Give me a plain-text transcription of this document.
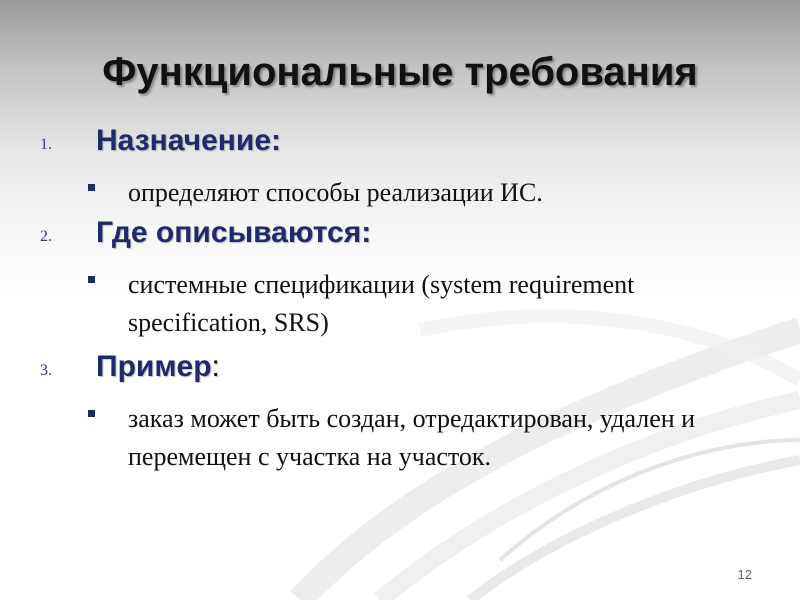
Функциональные требования
1. Назначение:
определяют способы реализации ИС.
2. Где описываются:
системные спецификации (system requirement specification, SRS)
3. Пример:
заказ может быть создан, отредактирован, удален и перемещен с участка на участок.
12
